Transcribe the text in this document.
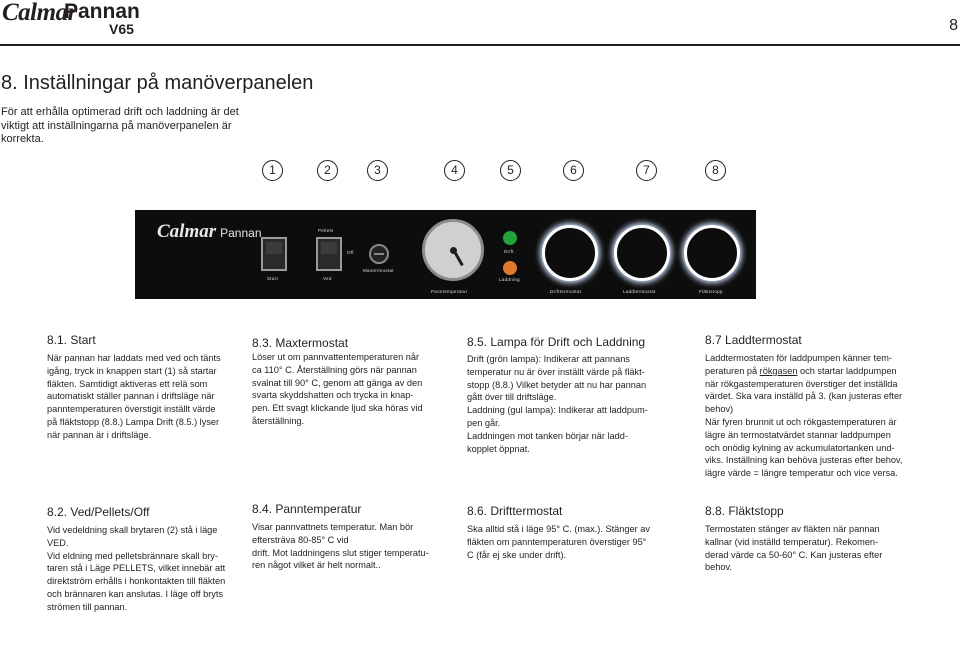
Calmar
Pannan
V65	8
8. Inställningar på manöverpanelen
För att erhålla optimerad drift och laddning är det viktigt att inställningarna på manöverpanelen är korrekta.
1	2	3	4	5	6	7	8
Calmar Pannan
Start
Pellets
Off
Ved
Maxtermostat
Panntemperatur
Drift
Laddning
Drifttermostat	Laddtermostat	Fläktstopp
8.1. Start

När pannan har laddats med ved och tänts
igång, tryck in knappen start (1) så startar
fläkten. Samtidigt aktiveras ett relä som
automatiskt ställer pannan i driftsläge när
panntemperaturen överstigit inställt värde
på fläktstopp (8.8.) Lampa Drift (8.5.) lyser
när pannan är i driftsläge.

8.3. Maxtermostat

Löser ut om pannvattentemperaturen når
ca 110° C. Återställning görs när pannan
svalnat till 90° C, genom att gänga av den
svarta skyddshatten och trycka in knap-
pen. Ett svagt klickande ljud ska höras vid
återställning.

8.5. Lampa för Drift och Laddning

Drift (grön lampa): Indikerar att pannans
temperatur nu är över inställt värde på fläkt-
stopp (8.8.) Vilket betyder att nu har pannan
gått över till driftsläge.
Laddning (gul lampa): Indikerar att laddpum-
pen går.
Laddningen mot tanken börjar när ladd-
kopplet öppnat.

8.7 Laddtermostat

Laddtermostaten för laddpumpen känner tem-
peraturen på rökgasen och startar laddpumpen
när rökgastemperaturen överstiger det inställda
värdet. Ska vara inställd på 3. (kan justeras efter
behov)
När fyren brunnit ut och rökgastemperaturen är
lägre än termostatvärdet stannar laddpumpen
och onödig kylning av ackumulatortanken und-
viks. Inställning kan behöva justeras efter behov,
lägre värde = längre temperatur och vice versa.

8.2. Ved/Pellets/Off

Vid vedeldning skall brytaren (2) stå i läge
VED.
Vid eldning med pelletsbrännare skall bry-
taren stå i Läge PELLETS, vilket innebär att
direktström erhålls i honkontakten till fläkten
och brännaren kan anslutas. I läge off bryts
strömen till pannan.

8.4. Panntemperatur

Visar pannvattnets temperatur. Man bör
eftersträva 80-85° C vid
drift. Mot laddningens slut stiger temperatu-
ren något vilket är helt normalt..

8.6. Drifttermostat

Ska alltid stå i läge 95° C. (max.). Stänger av
fläkten om panntemperaturen överstiger 95°
C (får ej ske under drift).

8.8. Fläktstopp

Termostaten stänger av fläkten när pannan
kallnar (vid inställd temperatur). Rekomen-
derad värde ca 50-60° C. Kan justeras efter
behov.
